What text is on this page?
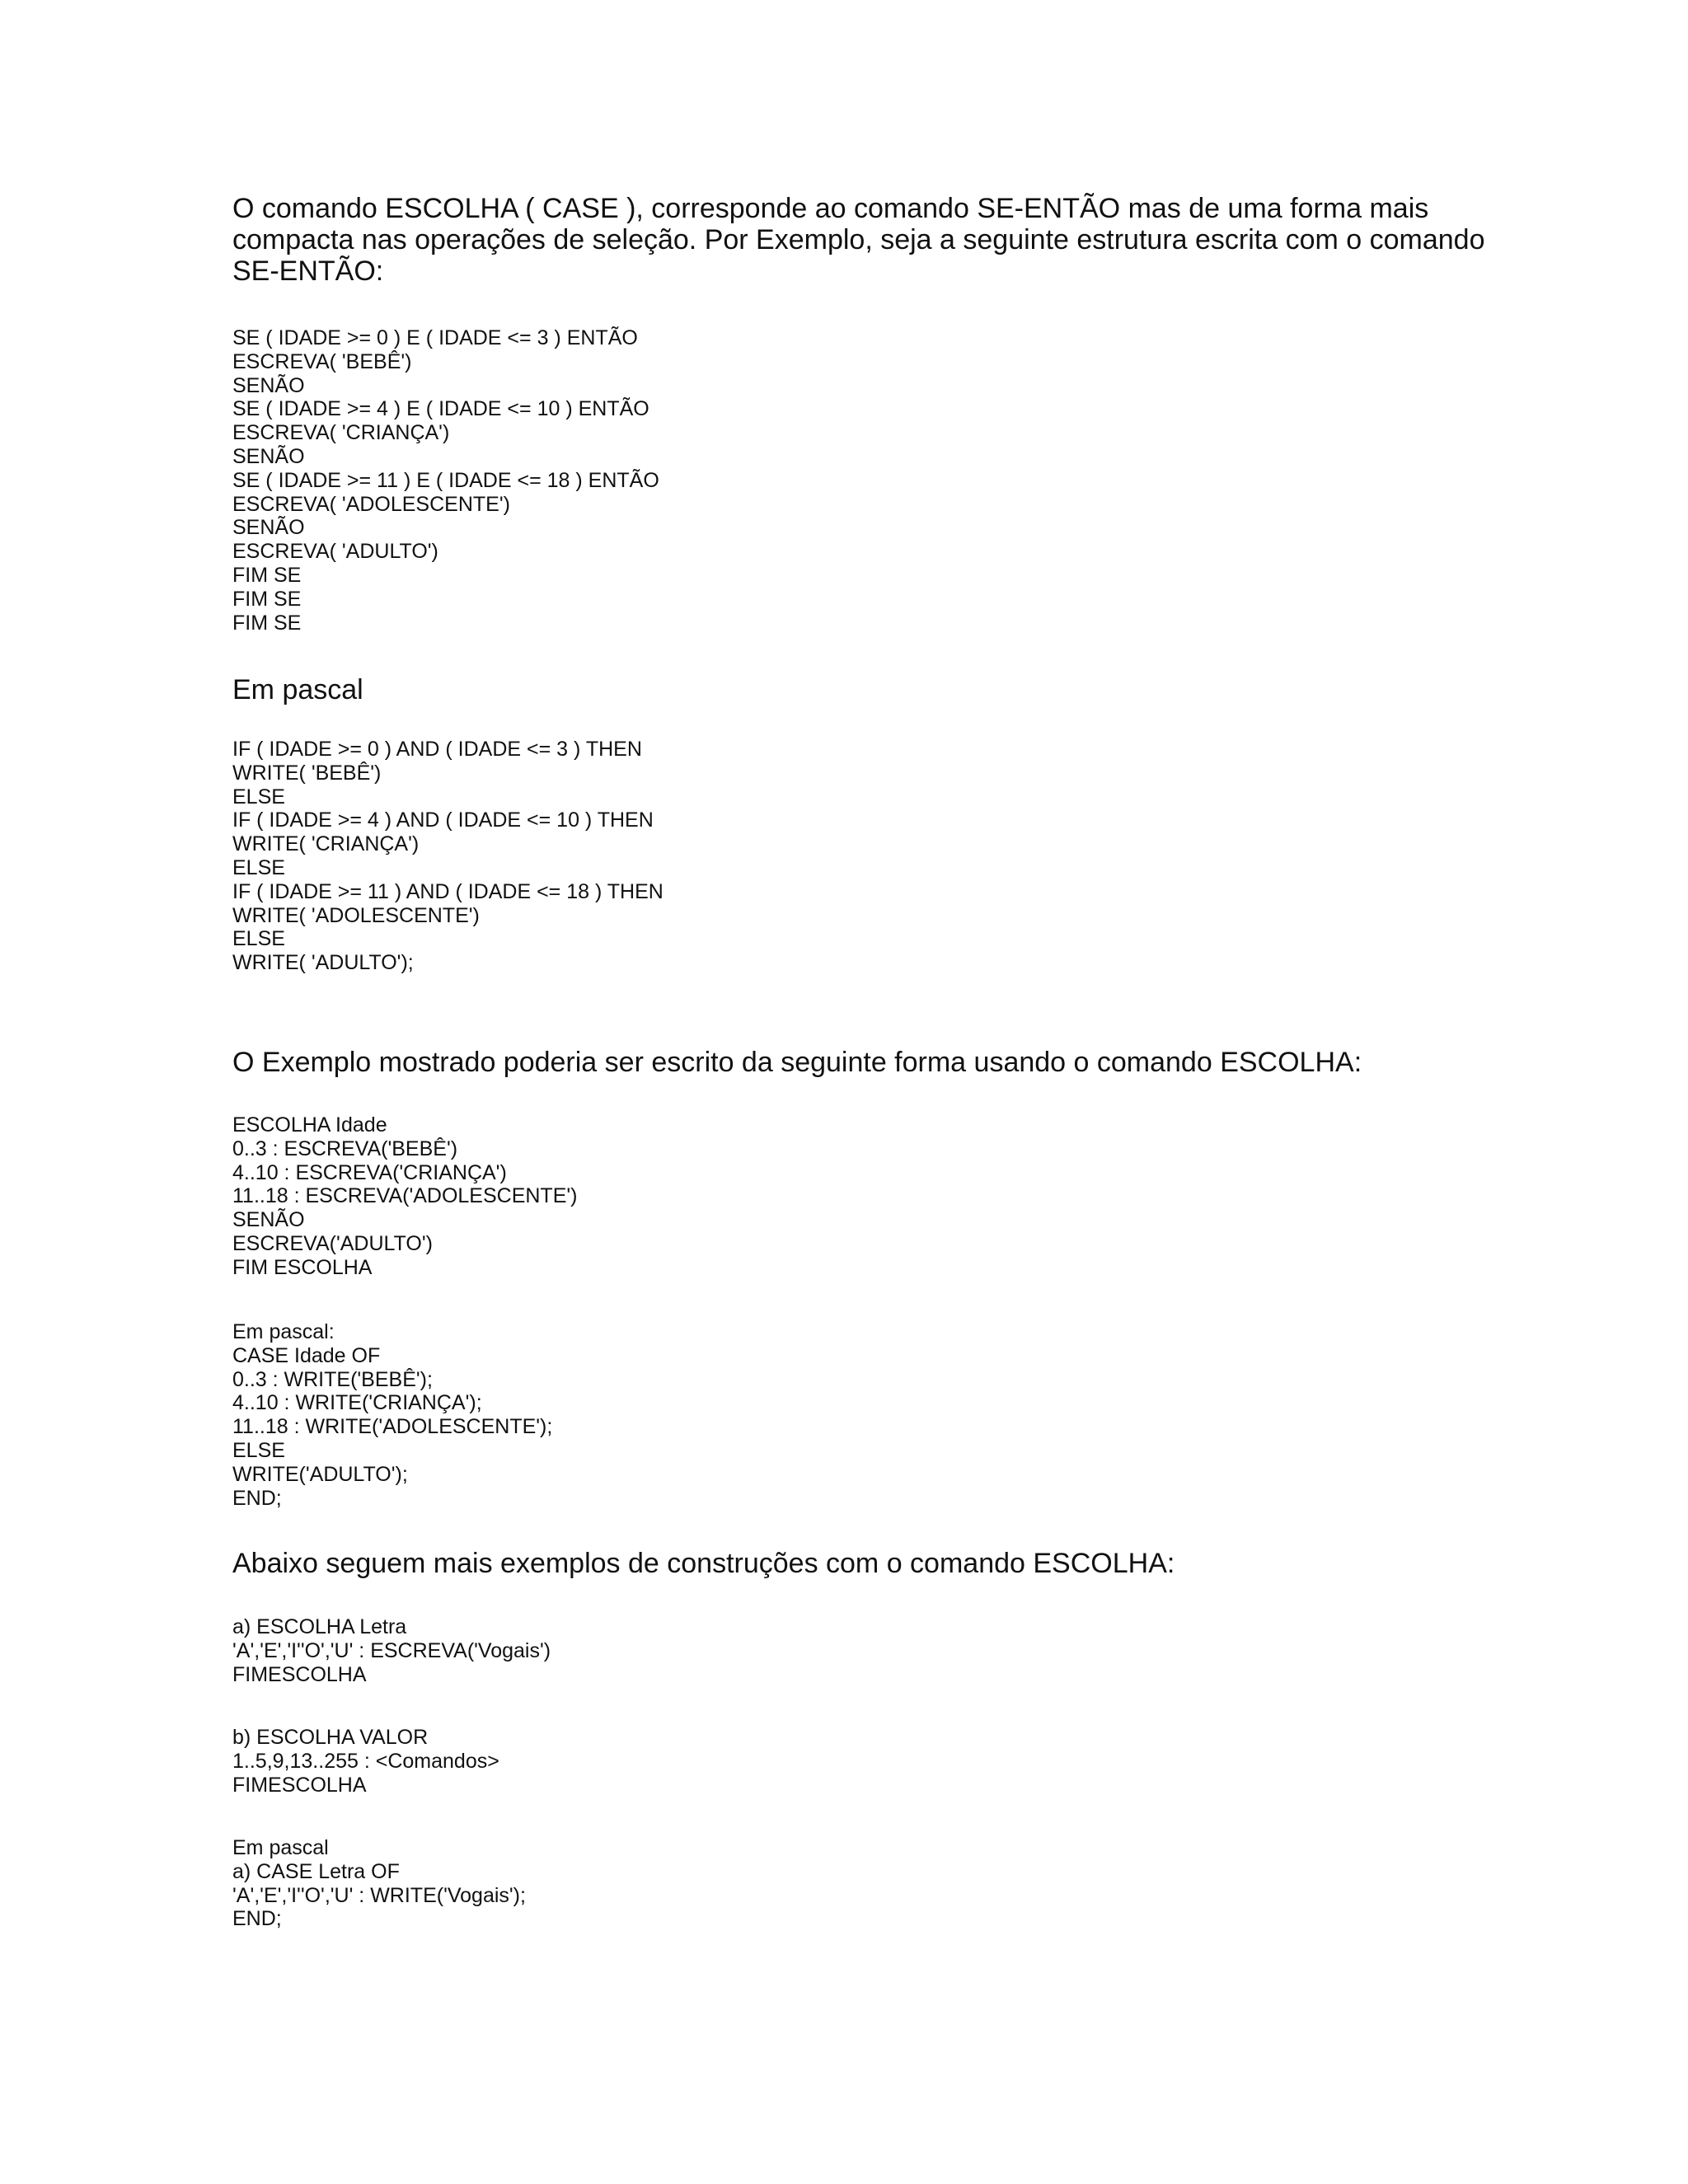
O comando ESCOLHA ( CASE ), corresponde ao comando SE-ENTÃO mas de uma forma mais compacta nas operações de seleção. Por Exemplo, seja a seguinte estrutura escrita com o comando SE-ENTÃO:

SE ( IDADE >= 0 ) E ( IDADE <= 3 ) ENTÃO
ESCREVA( 'BEBÊ')
SENÃO
SE ( IDADE >= 4 ) E ( IDADE <= 10 ) ENTÃO
ESCREVA( 'CRIANÇA')
SENÃO
SE ( IDADE >= 11 ) E ( IDADE <= 18 ) ENTÃO
ESCREVA( 'ADOLESCENTE')
SENÃO
ESCREVA( 'ADULTO')
FIM SE
FIM SE
FIM SE

Em pascal

IF ( IDADE >= 0 ) AND ( IDADE <= 3 ) THEN
WRITE( 'BEBÊ')
ELSE
IF ( IDADE >= 4 ) AND ( IDADE <= 10 ) THEN
WRITE( 'CRIANÇA')
ELSE
IF ( IDADE >= 11 ) AND ( IDADE <= 18 ) THEN
WRITE( 'ADOLESCENTE')
ELSE
WRITE( 'ADULTO');

O Exemplo mostrado poderia ser escrito da seguinte forma usando o comando ESCOLHA:

ESCOLHA Idade
0..3 : ESCREVA('BEBÊ')
4..10 : ESCREVA('CRIANÇA')
11..18 : ESCREVA('ADOLESCENTE')
SENÃO
ESCREVA('ADULTO')
FIM ESCOLHA
Em pascal:
CASE Idade OF
0..3 : WRITE('BEBÊ');
4..10 : WRITE('CRIANÇA');
11..18 : WRITE('ADOLESCENTE');
ELSE
WRITE('ADULTO');
END;

Abaixo seguem mais exemplos de construções com o comando ESCOLHA:

a) ESCOLHA Letra
'A','E','I''O','U' : ESCREVA('Vogais')
FIMESCOLHA
b) ESCOLHA VALOR
1..5,9,13..255 : <Comandos>
FIMESCOLHA
Em pascal
a) CASE Letra OF
'A','E','I''O','U' : WRITE('Vogais');
END;
